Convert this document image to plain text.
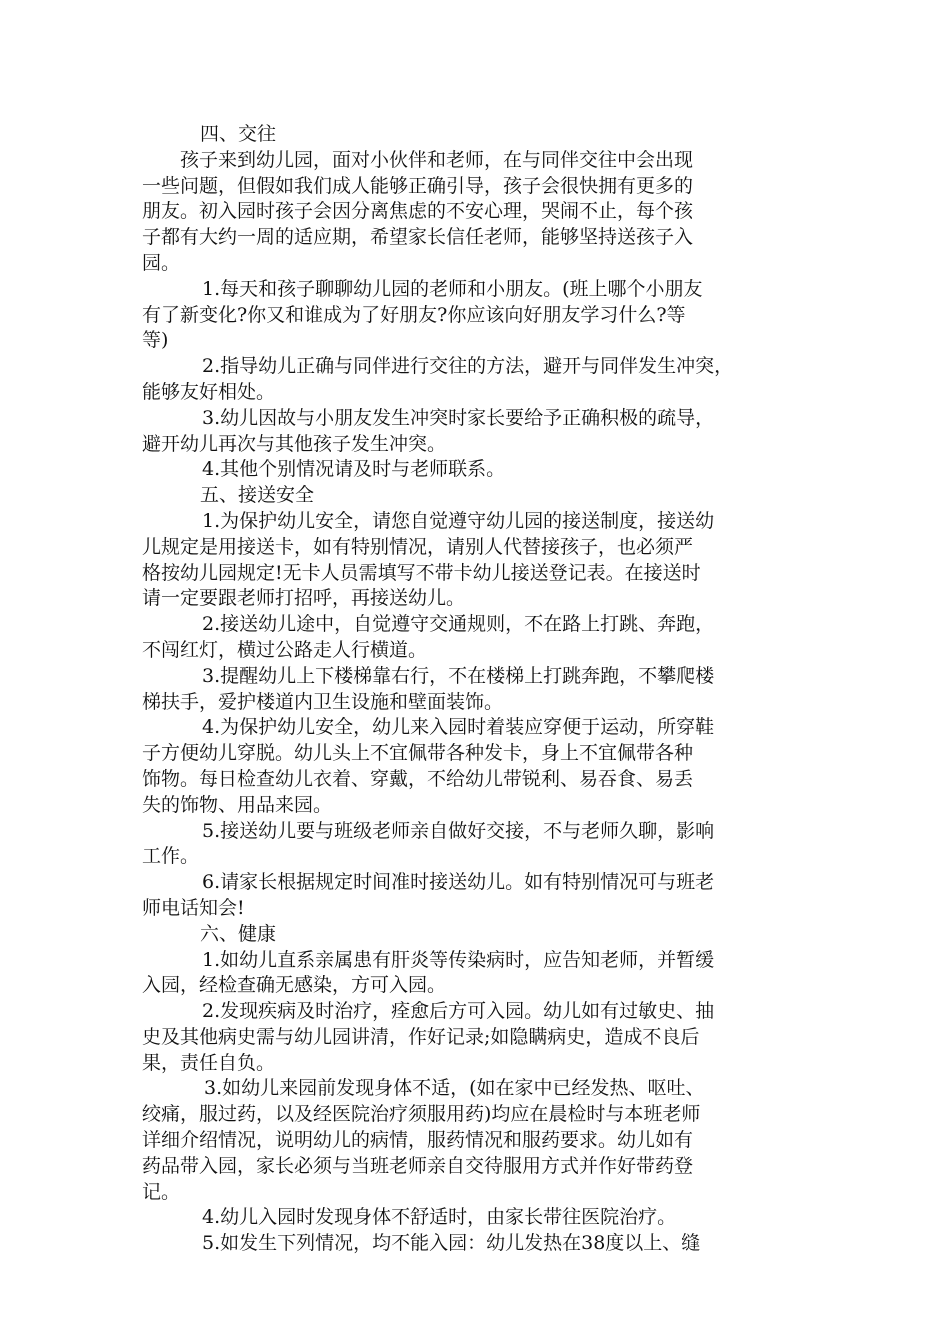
四、交往

孩子来到幼儿园，面对小伙伴和老师，在与同伴交往中会出现

一些问题，但假如我们成人能够正确引导，孩子会很快拥有更多的

朋友。初入园时孩子会因分离焦虑的不安心理，哭闹不止，每个孩

子都有大约一周的适应期，希望家长信任老师，能够坚持送孩子入

园。

1.每天和孩子聊聊幼儿园的老师和小朋友。(班上哪个小朋友

有了新变化?你又和谁成为了好朋友?你应该向好朋友学习什么?等

等)

2.指导幼儿正确与同伴进行交往的方法，避开与同伴发生冲突，

能够友好相处。

3.幼儿因故与小朋友发生冲突时家长要给予正确积极的疏导，

避开幼儿再次与其他孩子发生冲突。

4.其他个别情况请及时与老师联系。

五、接送安全

1.为保护幼儿安全，请您自觉遵守幼儿园的接送制度，接送幼

儿规定是用接送卡，如有特别情况，请别人代替接孩子，也必须严

格按幼儿园规定!无卡人员需填写不带卡幼儿接送登记表。在接送时

请一定要跟老师打招呼，再接送幼儿。

2.接送幼儿途中，自觉遵守交通规则，不在路上打跳、奔跑，

不闯红灯，横过公路走人行横道。

3.提醒幼儿上下楼梯靠右行，不在楼梯上打跳奔跑，不攀爬楼

梯扶手，爱护楼道内卫生设施和壁面装饰。

4.为保护幼儿安全，幼儿来入园时着装应穿便于运动，所穿鞋

子方便幼儿穿脱。幼儿头上不宜佩带各种发卡，身上不宜佩带各种

饰物。每日检查幼儿衣着、穿戴，不给幼儿带锐利、易吞食、易丢

失的饰物、用品来园。

5.接送幼儿要与班级老师亲自做好交接，不与老师久聊，影响

工作。

6.请家长根据规定时间准时接送幼儿。如有特别情况可与班老

师电话知会!

六、健康

1.如幼儿直系亲属患有肝炎等传染病时，应告知老师，并暂缓

入园，经检查确无感染，方可入园。

2.发现疾病及时治疗，痊愈后方可入园。幼儿如有过敏史、抽

史及其他病史需与幼儿园讲清，作好记录;如隐瞒病史，造成不良后

果，责任自负。

3.如幼儿来园前发现身体不适，(如在家中已经发热、呕吐、

绞痛，服过药，以及经医院治疗须服用药)均应在晨检时与本班老师

详细介绍情况，说明幼儿的病情，服药情况和服药要求。幼儿如有

药品带入园，家长必须与当班老师亲自交待服用方式并作好带药登

记。

4.幼儿入园时发现身体不舒适时，由家长带往医院治疗。

5.如发生下列情况，均不能入园：幼儿发热在38度以上、缝
